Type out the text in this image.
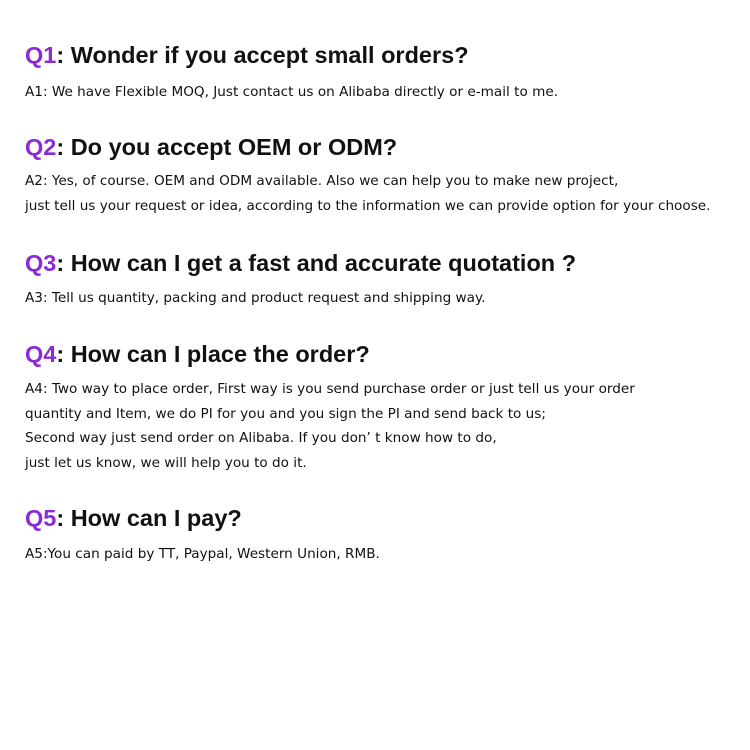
Q1: Wonder if you accept small orders?
A1: We have Flexible MOQ, Just contact us on Alibaba directly or e-mail to me.
Q2: Do you accept OEM or ODM?
A2: Yes, of course. OEM and ODM available. Also we can help you to make new project,
just tell us your request or idea, according to the information we can provide option for your choose.
Q3: How can I get a fast and accurate quotation ?
A3: Tell us quantity, packing and product request and shipping way.
Q4: How can I place the order?
A4: Two way to place order, First way is you send purchase order or just tell us your order
quantity and Item, we do PI for you and you sign the PI and send back to us;
Second way just send order on Alibaba. If you don’ t know how to do,
just let us know, we will help you to do it.
Q5: How can I pay?
A5:You can paid by TT, Paypal, Western Union, RMB.
